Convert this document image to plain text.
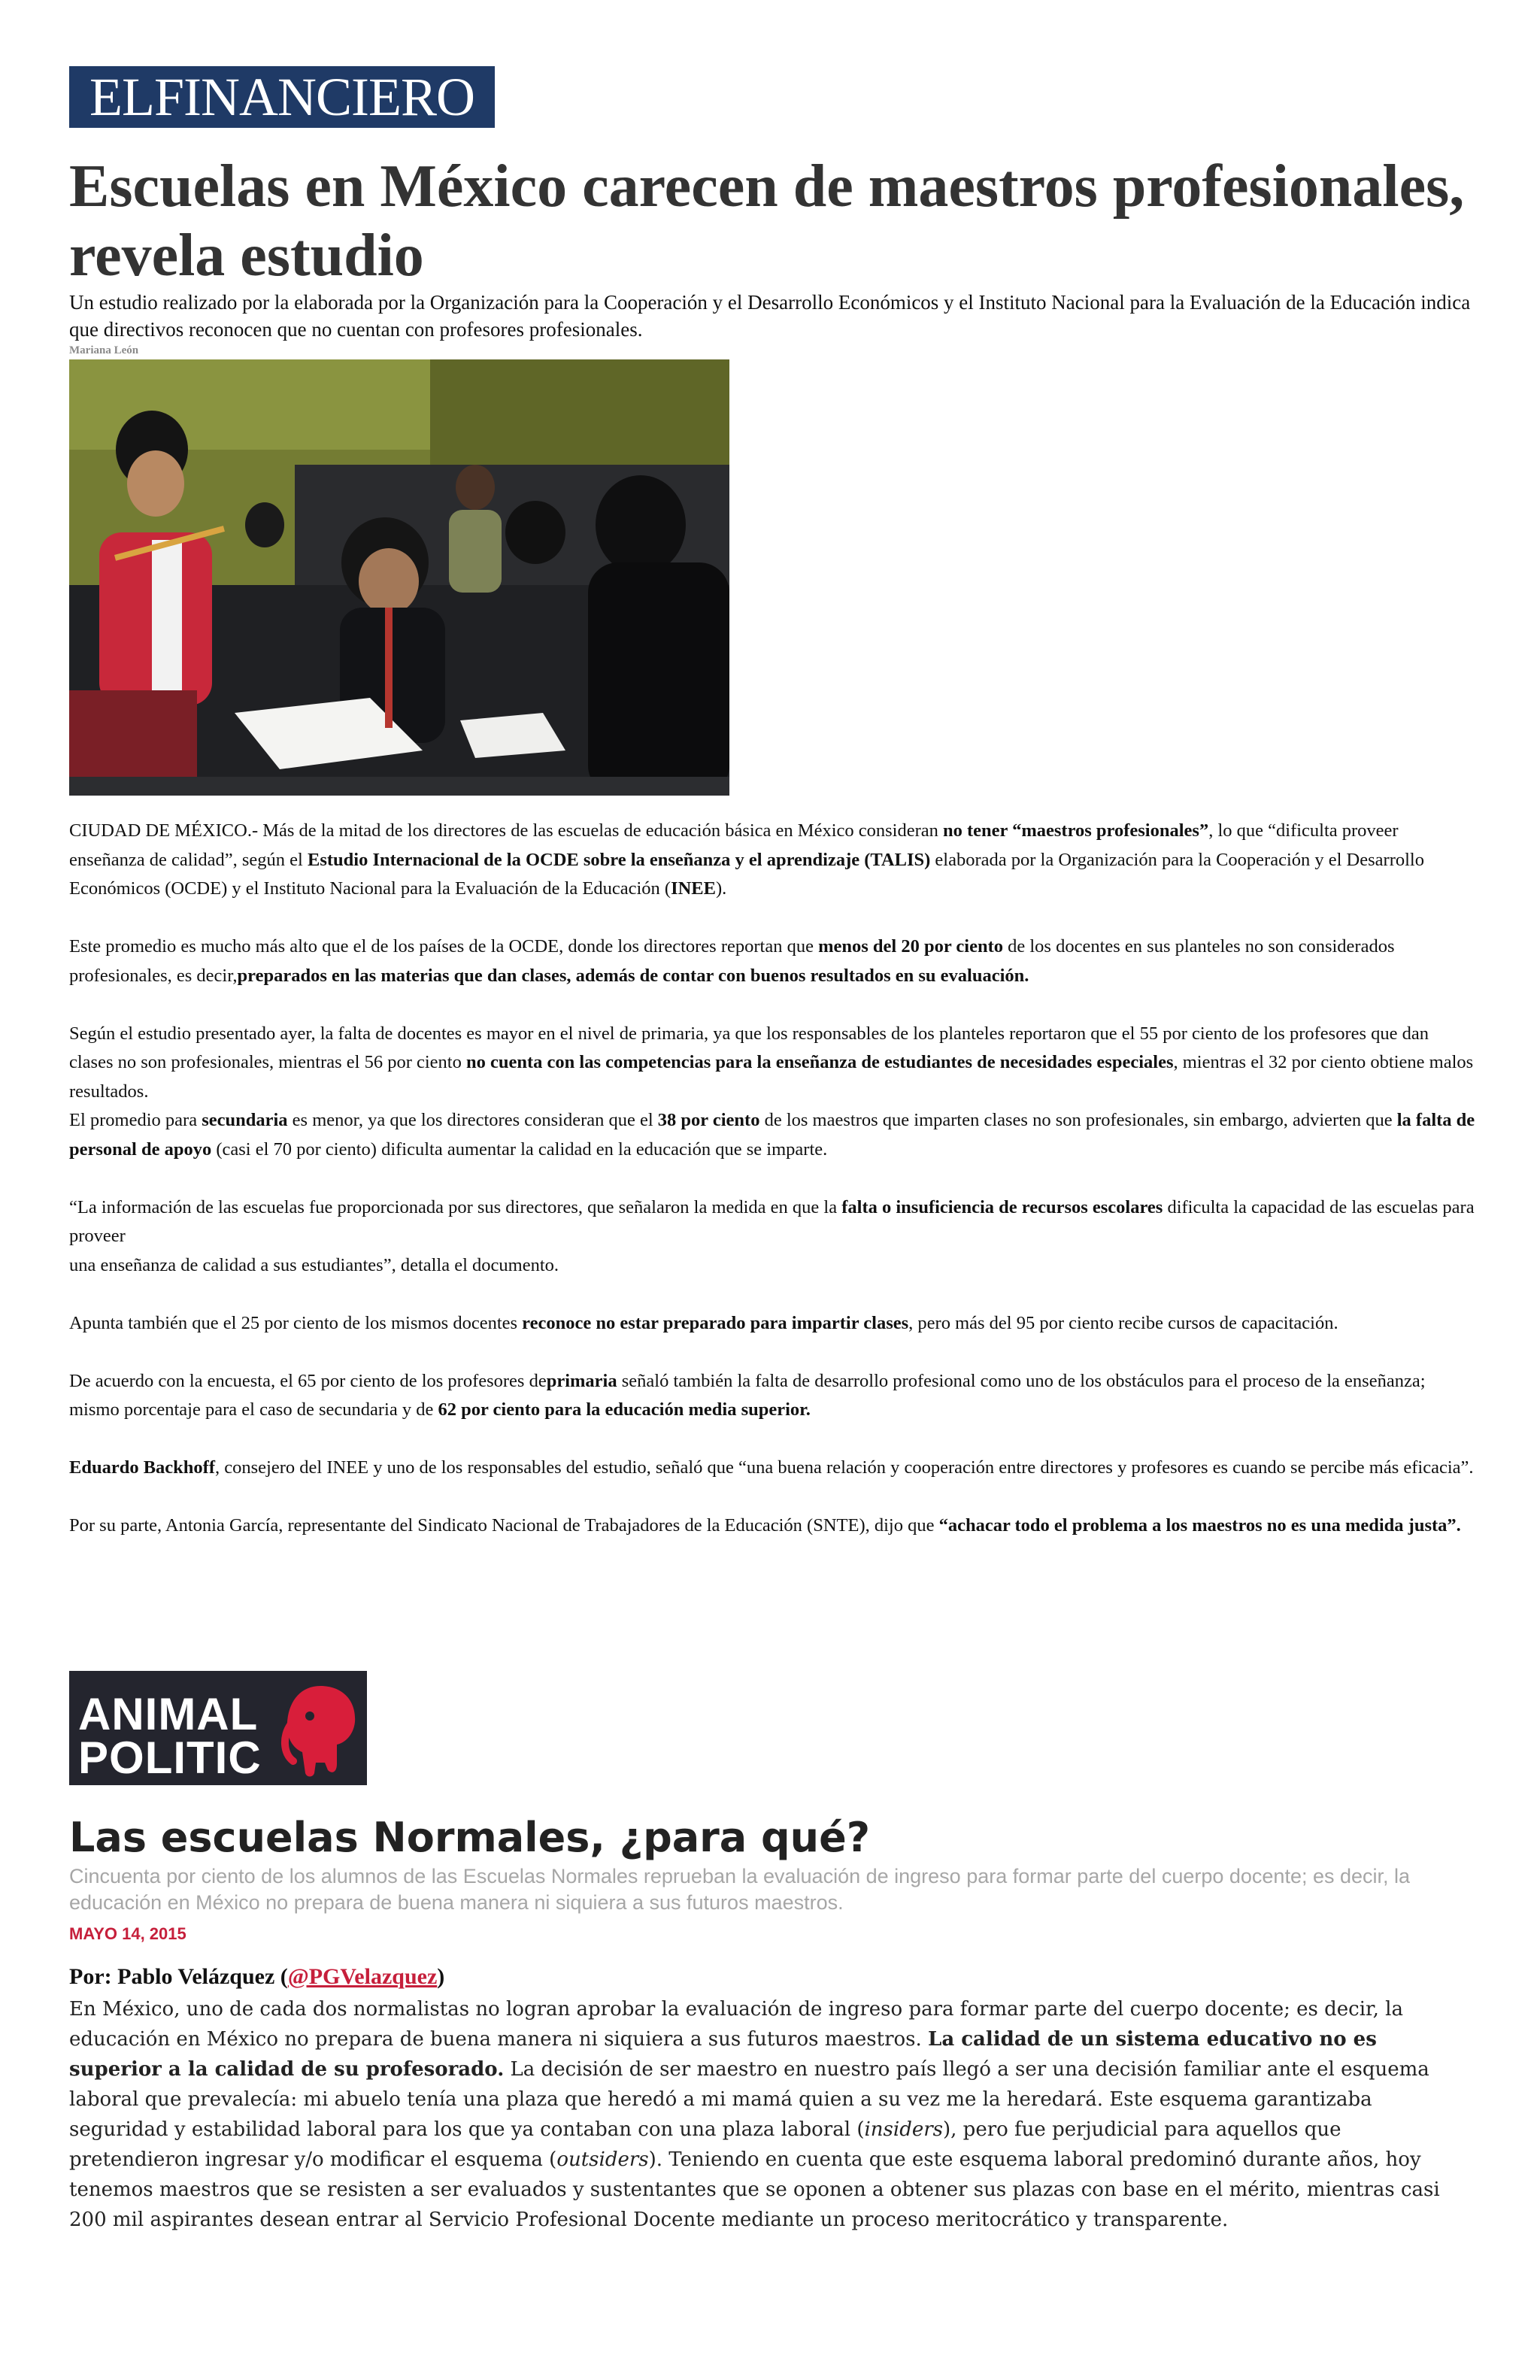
ELFINANCIERO
Escuelas en México carecen de maestros profesionales, revela estudio
Un estudio realizado por la elaborada por la Organización para la Cooperación y el Desarrollo Económicos y el Instituto Nacional para la Evaluación de la Educación indica que directivos reconocen que no cuentan con profesores profesionales.
Mariana León

CIUDAD DE MÉXICO.- Más de la mitad de los directores de las escuelas de educación básica en México consideran no tener “maestros profesionales”, lo que “dificulta proveer enseñanza de calidad”, según el Estudio Internacional de la OCDE sobre la enseñanza y el aprendizaje (TALIS) elaborada por la Organización para la Cooperación y el Desarrollo Económicos (OCDE) y el Instituto Nacional para la Evaluación de la Educación (INEE).

Este promedio es mucho más alto que el de los países de la OCDE, donde los directores reportan que menos del 20 por ciento de los docentes en sus planteles no son considerados profesionales, es decir,preparados en las materias que dan clases, además de contar con buenos resultados en su evaluación.

Según el estudio presentado ayer, la falta de docentes es mayor en el nivel de primaria, ya que los responsables de los planteles reportaron que el 55 por ciento de los profesores que dan clases no son profesionales, mientras el 56 por ciento no cuenta con las competencias para la enseñanza de estudiantes de necesidades especiales, mientras el 32 por ciento obtiene malos resultados.

El promedio para secundaria es menor, ya que los directores consideran que el 38 por ciento de los maestros que imparten clases no son profesionales, sin embargo, advierten que la falta de personal de apoyo (casi el 70 por ciento) dificulta aumentar la calidad en la educación que se imparte.

“La información de las escuelas fue proporcionada por sus directores, que señalaron la medida en que la falta o insuficiencia de recursos escolares dificulta la capacidad de las escuelas para proveer
una enseñanza de calidad a sus estudiantes”, detalla el documento.

Apunta también que el 25 por ciento de los mismos docentes reconoce no estar preparado para impartir clases, pero más del 95 por ciento recibe cursos de capacitación.

De acuerdo con la encuesta, el 65 por ciento de los profesores deprimaria señaló también la falta de desarrollo profesional como uno de los obstáculos para el proceso de la enseñanza; mismo porcentaje para el caso de secundaria y de 62 por ciento para la educación media superior.

Eduardo Backhoff, consejero del INEE y uno de los responsables del estudio, señaló que “una buena relación y cooperación entre directores y profesores es cuando se percibe más eficacia”.

Por su parte, Antonia García, representante del Sindicato Nacional de Trabajadores de la Educación (SNTE), dijo que “achacar todo el problema a los maestros no es una medida justa”.

ANIMAL
POLITIC
Las escuelas Normales, ¿para qué?
Cincuenta por ciento de los alumnos de las Escuelas Normales reprueban la evaluación de ingreso para formar parte del cuerpo docente; es decir, la educación en México no prepara de buena manera ni siquiera a sus futuros maestros.
MAYO 14, 2015
Por: Pablo Velázquez (@PGVelazquez)
En México, uno de cada dos normalistas no logran aprobar la evaluación de ingreso para formar parte del cuerpo docente; es decir, la educación en México no prepara de buena manera ni siquiera a sus futuros maestros. La calidad de un sistema educativo no es superior a la calidad de su profesorado. La decisión de ser maestro en nuestro país llegó a ser una decisión familiar ante el esquema laboral que prevalecía: mi abuelo tenía una plaza que heredó a mi mamá quien a su vez me la heredará. Este esquema garantizaba seguridad y estabilidad laboral para los que ya contaban con una plaza laboral (insiders), pero fue perjudicial para aquellos que pretendieron ingresar y/o modificar el esquema (outsiders). Teniendo en cuenta que este esquema laboral predominó durante años, hoy tenemos maestros que se resisten a ser evaluados y sustentantes que se oponen a obtener sus plazas con base en el mérito, mientras casi 200 mil aspirantes desean entrar al Servicio Profesional Docente mediante un proceso meritocrático y transparente.
